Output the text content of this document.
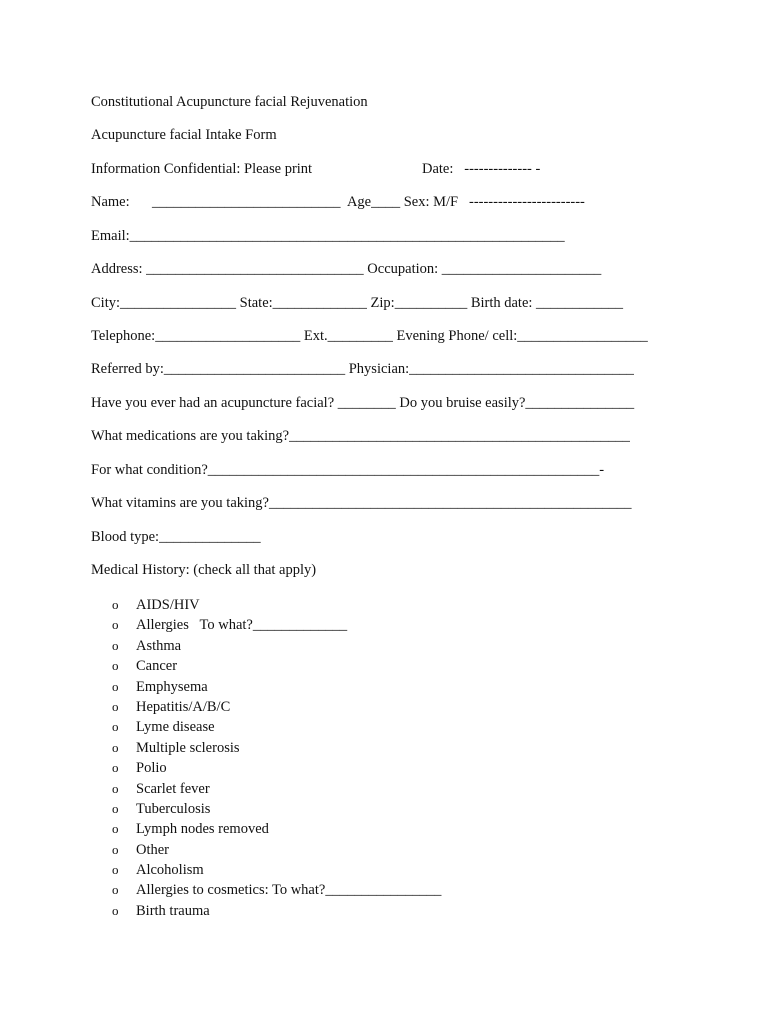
Constitutional Acupuncture facial Rejuvenation
Acupuncture facial Intake Form
Information Confidential: Please print	Date:   -------------- -
Name: __________________________  Age____ Sex: M/F   ------------------------
Email:____________________________________________________________
Address: ______________________________ Occupation: ______________________
City:________________ State:_____________ Zip:__________ Birth date: ____________
Telephone:____________________ Ext._________ Evening Phone/ cell:__________________
Referred by:_________________________ Physician:_______________________________
Have you ever had an acupuncture facial? ________ Do you bruise easily?_______________
What medications are you taking?_______________________________________________
For what condition?______________________________________________________-
What vitamins are you taking?__________________________________________________
Blood type:______________
Medical History: (check all that apply)
o AIDS/HIV
o Allergies   To what?_____________
o Asthma
o Cancer
o Emphysema
o Hepatitis/A/B/C
o Lyme disease
o Multiple sclerosis
o Polio
o Scarlet fever
o Tuberculosis
o Lymph nodes removed
o Other
o Alcoholism
o Allergies to cosmetics: To what?________________
o Birth trauma
